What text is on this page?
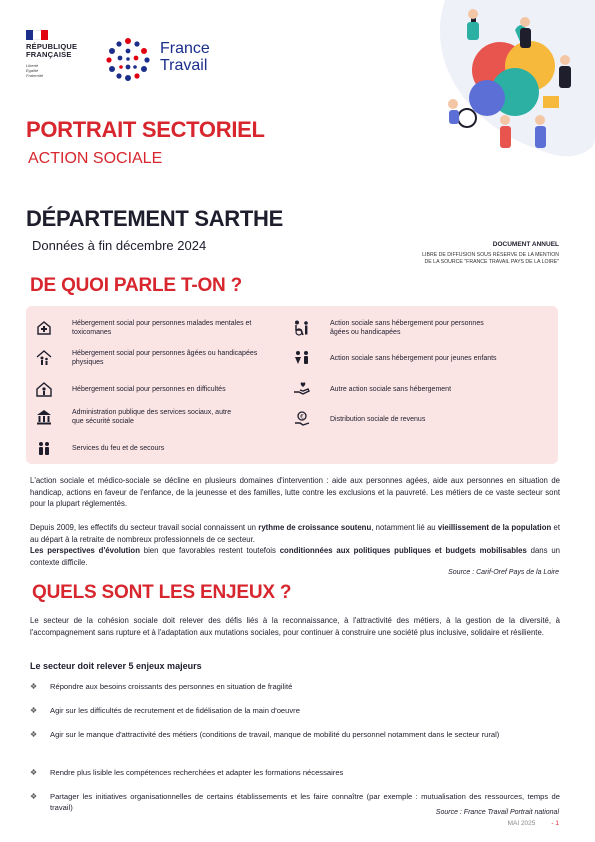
RÉPUBLIQUE
FRANÇAISE
Liberté
Égalité
Fraternité
France
Travail
PORTRAIT SECTORIEL
ACTION SOCIALE
DÉPARTEMENT SARTHE
Données à fin décembre 2024	DOCUMENT ANNUEL
LIBRE DE DIFFUSION SOUS RÉSERVE DE LA MENTION
DE LA SOURCE "FRANCE TRAVAIL PAYS DE LA LOIRE"
DE QUOI PARLE T-ON ?
Hébergement social pour personnes malades mentales et toxicomanes
Hébergement social pour personnes âgées ou handicapées physiques
Hébergement social pour personnes en difficultés
Administration publique des services sociaux, autre que sécurité sociale
Services du feu et de secours
Action sociale sans hébergement pour personnes âgées ou handicapées
Action sociale sans hébergement pour jeunes enfants
Autre action sociale sans hébergement
€	Distribution sociale de revenus
L'action sociale et médico-sociale se décline en plusieurs domaines d'intervention : aide aux personnes agées, aide aux personnes en situation de handicap, actions en faveur de l'enfance, de la jeunesse et des familles, lutte contre les exclusions et la pauvreté. Les métiers de ce vaste secteur sont pour la plupart réglementés.
Depuis 2009, les effectifs du secteur travail social connaissent un rythme de croissance soutenu, notamment lié au vieillissement de la population et au départ à la retraite de nombreux professionnels de ce secteur.
Les perspectives d'évolution bien que favorables restent toutefois conditionnées aux politiques publiques et budgets mobilisables dans un contexte difficile.
Source : Carif-Oref Pays de la Loire
QUELS SONT LES ENJEUX ?
Le secteur de la cohésion sociale doit relever des défis liés à la reconnaissance, à l'attractivité des métiers, à la gestion de la diversité, à l'accompagnement sans rupture et à l'adaptation aux mutations sociales, pour continuer à construire une société plus inclusive, solidaire et résiliente.
Le secteur doit relever 5 enjeux majeurs
❖	Répondre aux besoins croissants des personnes en situation de fragilité
❖	Agir sur les difficultés de recrutement et de fidélisation de la main d'oeuvre
❖	Agir sur le manque d'attractivité des métiers (conditions de travail, manque de mobilité du personnel notamment dans le secteur rural)
❖	Rendre plus lisible les compétences recherchées et adapter les formations nécessaires
❖	Partager les initiatives organisationnelles de certains établissements et les faire connaître (par exemple : mutualisation des ressources, temps de travail)
Source : France Travail Portrait national
MAI 2025 - 1
